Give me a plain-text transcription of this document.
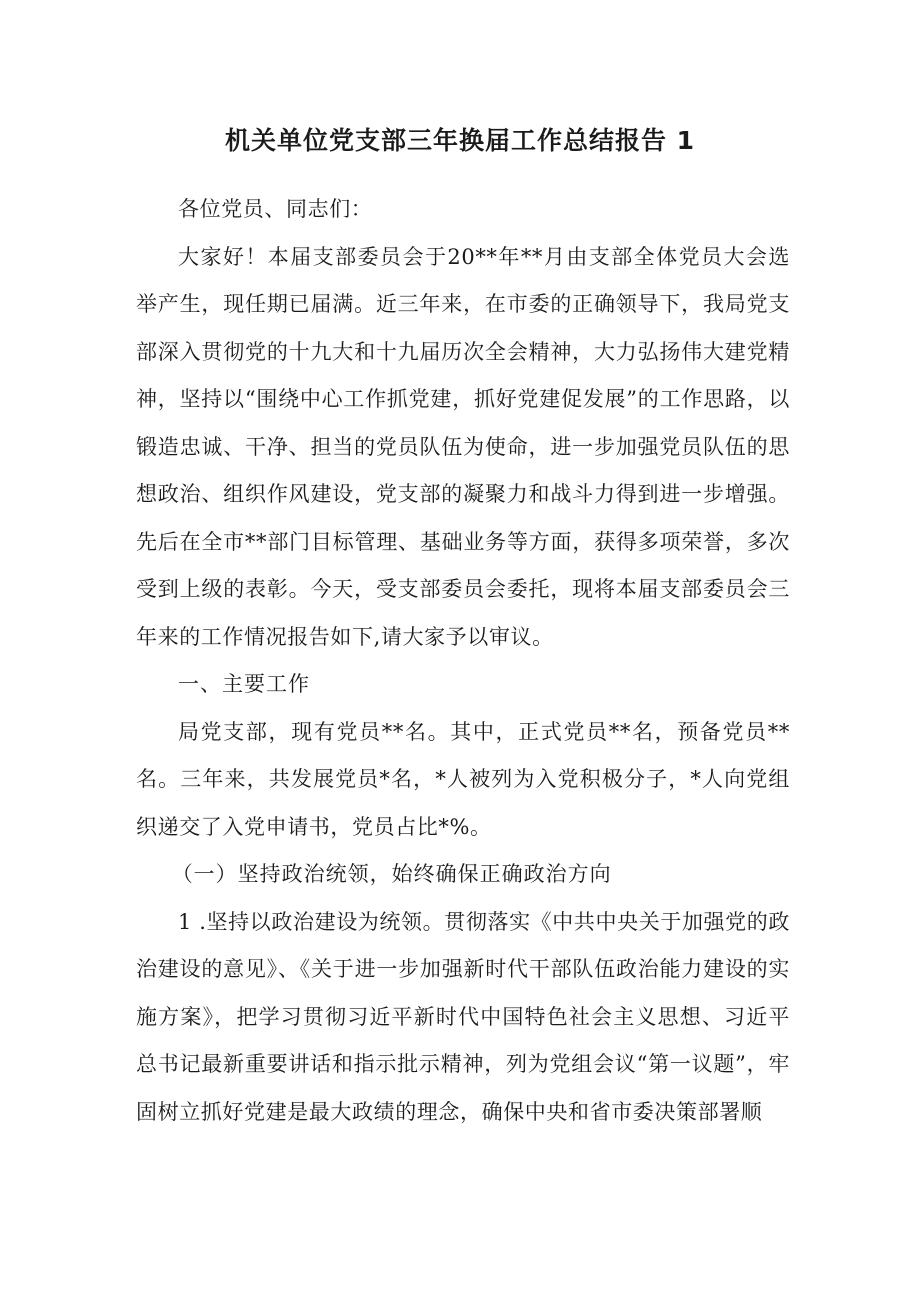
机关单位党支部三年换届工作总结报告 1

各位党员、同志们：

大家好！本届支部委员会于20**年**月由支部全体党员大会选举产生，现任期已届满。近三年来，在市委的正确领导下，我局党支部深入贯彻党的十九大和十九届历次全会精神，大力弘扬伟大建党精神，坚持以“围绕中心工作抓党建，抓好党建促发展”的工作思路，以锻造忠诚、干净、担当的党员队伍为使命，进一步加强党员队伍的思想政治、组织作风建设，党支部的凝聚力和战斗力得到进一步增强。先后在全市**部门目标管理、基础业务等方面，获得多项荣誉，多次受到上级的表彰。今天，受支部委员会委托，现将本届支部委员会三年来的工作情况报告如下,请大家予以审议。

一、主要工作

局党支部，现有党员**名。其中，正式党员**名，预备党员**名。三年来，共发展党员*名，*人被列为入党积极分子，*人向党组织递交了入党申请书，党员占比*%。

（一）坚持政治统领，始终确保正确政治方向

1 .坚持以政治建设为统领。贯彻落实《中共中央关于加强党的政治建设的意见》、《关于进一步加强新时代干部队伍政治能力建设的实施方案》，把学习贯彻习近平新时代中国特色社会主义思想、习近平总书记最新重要讲话和指示批示精神，列为党组会议“第一议题”，牢固树立抓好党建是最大政绩的理念，确保中央和省市委决策部署顺
